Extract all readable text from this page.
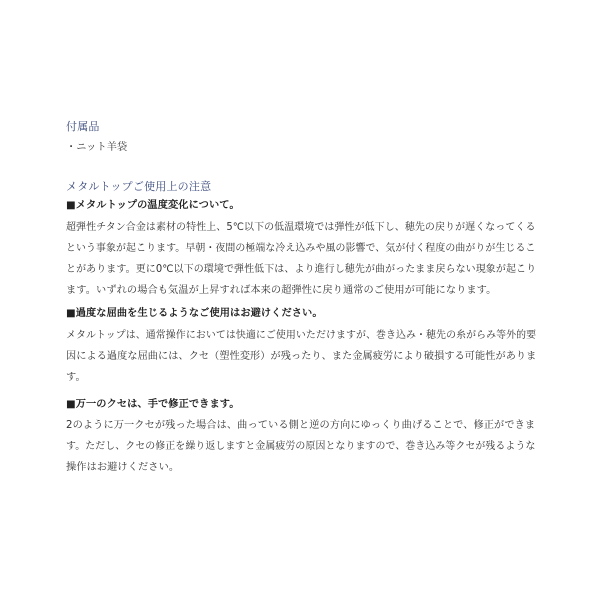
付属品
・ニット羊袋
メタルトップご使用上の注意
■メタルトップの温度変化について。
超弾性チタン合金は素材の特性上、5℃以下の低温環境では弾性が低下し、穂先の戻りが遅くなってくる
という事象が起こります。早朝・夜間の極端な冷え込みや風の影響で、気が付く程度の曲がりが生じるこ
とがあります。更に0℃以下の環境で弾性低下は、より進行し穂先が曲がったまま戻らない現象が起こり
ます。いずれの場合も気温が上昇すれば本来の超弾性に戻り通常のご使用が可能になります。
■過度な屈曲を生じるようなご使用はお避けください。
メタルトップは、通常操作においては快適にご使用いただけますが、巻き込み・穂先の糸がらみ等外的要
因による過度な屈曲には、クセ（塑性変形）が残ったり、また金属疲労により破損する可能性がありま
す。
■万一のクセは、手で修正できます。
2のように万一クセが残った場合は、曲っている側と逆の方向にゆっくり曲げることで、修正ができま
す。ただし、クセの修正を繰り返しますと金属疲労の原因となりますので、巻き込み等クセが残るような
操作はお避けください。
